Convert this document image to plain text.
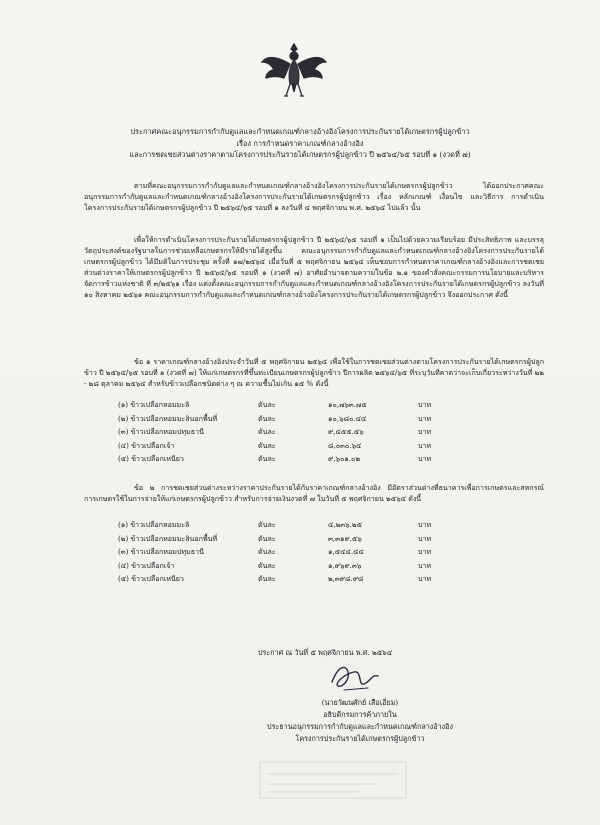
ประกาศคณะอนุกรรมการกำกับดูแลและกำหนดเกณฑ์กลางอ้างอิงโครงการประกันรายได้เกษตรกรผู้ปลูกข้าว
เรื่อง การกำหนดราคาเกณฑ์กลางอ้างอิง
และการชดเชยส่วนต่างราคาตามโครงการประกันรายได้เกษตรกรผู้ปลูกข้าว ปี ๒๕๖๔/๖๕ รอบที่ ๑ (งวดที่ ๗)
ตามที่คณะอนุกรรมการกำกับดูแลและกำหนดเกณฑ์กลางอ้างอิงโครงการประกันรายได้เกษตรกรผู้ปลูกข้าว ได้ออกประกาศคณะอนุกรรมการกำกับดูแลและกำหนดเกณฑ์กลางอ้างอิงโครงการประกันรายได้เกษตรกรผู้ปลูกข้าว เรื่อง หลักเกณฑ์ เงื่อนไข และวิธีการ การดำเนินโครงการประกันรายได้เกษตรกรผู้ปลูกข้าว ปี ๒๕๖๔/๖๕ รอบที่ ๑ ลงวันที่ ๔ พฤศจิกายน พ.ศ. ๒๕๖๔ ไปแล้ว นั้น
เพื่อให้การดำเนินโครงการประกันรายได้เกษตรกรผู้ปลูกข้าว ปี ๒๕๖๔/๖๕ รอบที่ ๑ เป็นไปด้วยความเรียบร้อย มีประสิทธิภาพ และบรรลุวัตถุประสงค์ของรัฐบาลในการช่วยเหลือเกษตรกรให้มีรายได้สูงขึ้น คณะอนุกรรมการกำกับดูแลและกำหนดเกณฑ์กลางอ้างอิงโครงการประกันรายได้เกษตรกรผู้ปลูกข้าว ได้มีมติในการประชุม ครั้งที่ ๑๗/๒๕๖๔ เมื่อวันที่ ๕ พฤศจิกายน ๒๕๖๔ เห็นชอบการกำหนดราคาเกณฑ์กลางอ้างอิงและการชดเชยส่วนต่างราคาให้เกษตรกรผู้ปลูกข้าว ปี ๒๕๖๔/๖๕ รอบที่ ๑ (งวดที่ ๗) อาศัยอำนาจตามความในข้อ ๒.๑ ของคำสั่งคณะกรรมการนโยบายและบริหารจัดการข้าวแห่งชาติ ที่ ๓/๒๕๖๑ เรื่อง แต่งตั้งคณะอนุกรรมการกำกับดูแลและกำหนดเกณฑ์กลางอ้างอิงโครงการประกันรายได้เกษตรกรผู้ปลูกข้าว ลงวันที่ ๑๐ สิงหาคม ๒๕๖๑ คณะอนุกรรมการกำกับดูแลและกำหนดเกณฑ์กลางอ้างอิงโครงการประกันรายได้เกษตรกรผู้ปลูกข้าว จึงออกประกาศ ดังนี้
ข้อ ๑ ราคาเกณฑ์กลางอ้างอิงประจำวันที่ ๕ พฤศจิกายน ๒๕๖๔ เพื่อใช้ในการชดเชยส่วนต่างตามโครงการประกันรายได้เกษตรกรผู้ปลูกข้าว ปี ๒๕๖๔/๖๕ รอบที่ ๑ (งวดที่ ๗) ให้แก่เกษตรกรที่ขึ้นทะเบียนเกษตรกรผู้ปลูกข้าว ปีการผลิต ๒๕๖๔/๖๕ ที่ระบุวันที่คาดว่าจะเก็บเกี่ยวระหว่างวันที่ ๒๒ - ๒๘ ตุลาคม ๒๕๖๔ สำหรับข้าวเปลือกชนิดต่าง ๆ ณ ความชื้นไม่เกิน ๑๕ % ดังนี้
(๑) ข้าวเปลือกหอมมะลิ	ตันละ	๑๐,๗๖๓.๗๕	บาท
(๒) ข้าวเปลือกหอมมะลินอกพื้นที่	ตันละ	๑๐,๖๘๐.๔๔	บาท
(๓) ข้าวเปลือกหอมปทุมธานี	ตันละ	๙,๔๕๕.๕๖	บาท
(๔) ข้าวเปลือกเจ้า	ตันละ	๘,๐๓๐.๖๔	บาท
(๕) ข้าวเปลือกเหนียว	ตันละ	๙,๖๐๑.๐๒	บาท
ข้อ ๒ การชดเชยส่วนต่างระหว่างราคาประกันรายได้กับราคาเกณฑ์กลางอ้างอิง มีอัตราส่วนต่างที่ธนาคารเพื่อการเกษตรและสหกรณ์การเกษตรใช้ในการจ่ายให้แก่เกษตรกรผู้ปลูกข้าว สำหรับการจ่ายเงินงวดที่ ๗ ในวันที่ ๕ พฤศจิกายน ๒๕๖๔ ดังนี้
(๑) ข้าวเปลือกหอมมะลิ	ตันละ	๔,๒๓๖.๒๕	บาท
(๒) ข้าวเปลือกหอมมะลินอกพื้นที่	ตันละ	๓,๓๑๙.๕๖	บาท
(๓) ข้าวเปลือกหอมปทุมธานี	ตันละ	๑,๕๔๔.๔๔	บาท
(๔) ข้าวเปลือกเจ้า	ตันละ	๑,๙๖๙.๓๖	บาท
(๕) ข้าวเปลือกเหนียว	ตันละ	๒,๓๙๘.๙๘	บาท
ประกาศ ณ วันที่ ๕ พฤศจิกายน พ.ศ. ๒๕๖๔
(นายวัฒนศักย์ เสือเอี่ยม)
อธิบดีกรมการค้าภายใน
ประธานอนุกรรมการกำกับดูแลและกำหนดเกณฑ์กลางอ้างอิง
โครงการประกันรายได้เกษตรกรผู้ปลูกข้าว
